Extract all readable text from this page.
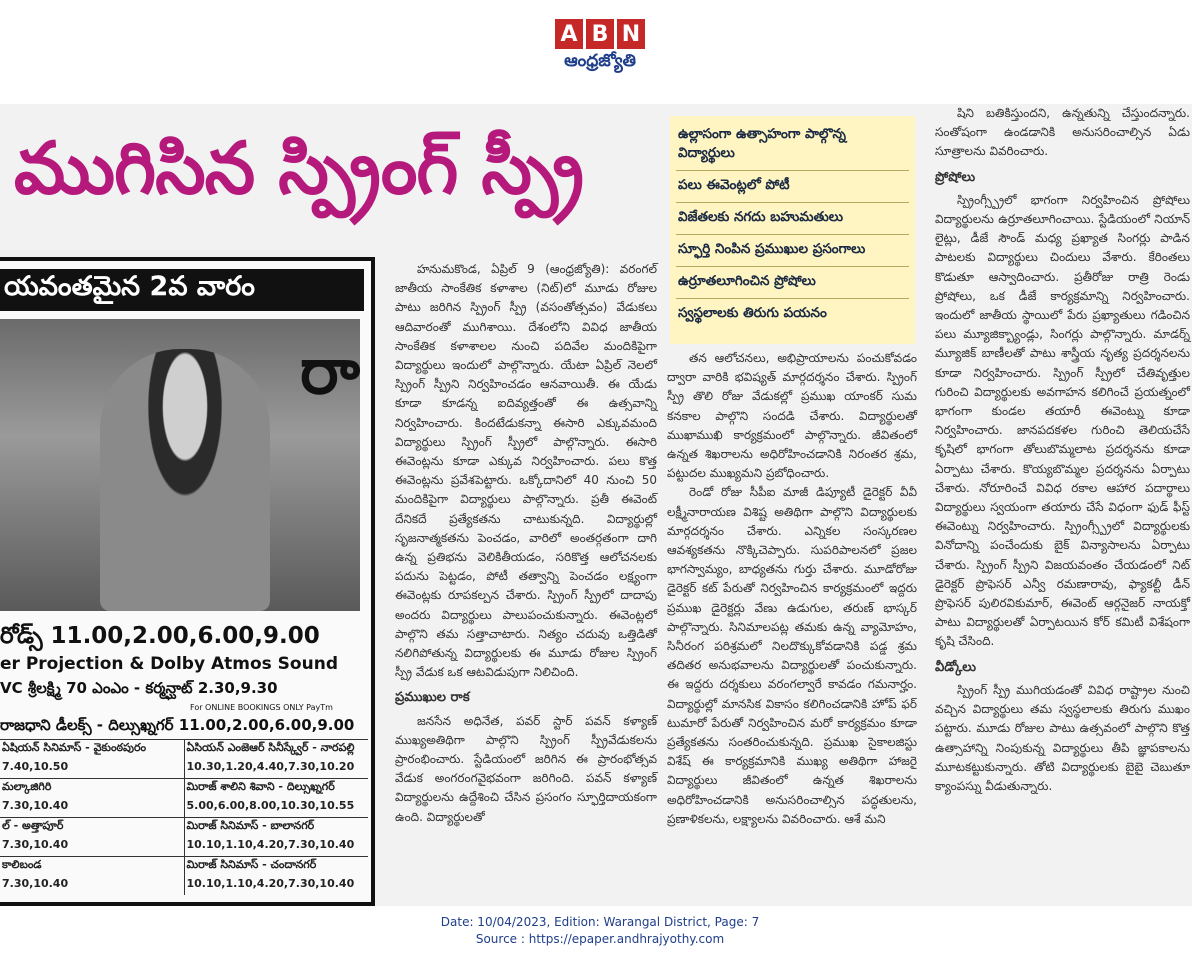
A B N
ఆంధ్రజ్యోతి
ముగిసిన స్ప్రింగ్ స్ప్రీ
యవంతమైన 2వ వారం
రా
రోడ్స్ 11.00,2.00,6.00,9.00
er Projection & Dolby Atmos Sound
VC శ్రీలక్ష్మి 70 ఎంఎం - కర్మన్ఘాట్ 2.30,9.30
For ONLINE BOOKINGS ONLY PayTm
రాజధాని డీలక్స్ - దిల్సుఖ్నగర్ 11.00,2.00,6.00,9.00
ఏషియన్ సినిమాస్ - వైకుంఠపురం
7.40,10.50
ఏసియన్ ఎంజెఆర్ సినీస్క్వేర్ - నారపల్లి
10.30,1.20,4.40,7.30,10.20
మల్కాజిగిరి
7.30,10.40
మిరాజ్ శాలిని శివాని - దిల్సుఖ్నగర్
5.00,6.00,8.00,10.30,10.55
ల్ - అత్తాపూర్
7.30,10.40
మిరాజ్ సినిమాస్ - బాలానగర్
10.10,1.10,4.20,7.30,10.40
కాలిబండ
7.30,10.40
మిరాజ్ సినిమాస్ - చందానగర్
10.10,1.10,4.20,7.30,10.40

హనుమకొండ, ఏప్రిల్ 9 (ఆంధ్రజ్యోతి): వరంగల్ జాతీయ సాంకేతిక కళాశాల (నిట్)లో మూడు రోజుల పాటు జరిగిన స్ప్రింగ్ స్ప్రీ (వసంతోత్సవం) వేడుకలు ఆదివారంతో ముగిశాయి. దేశంలోని వివిధ జాతీయ సాంకేతిక కళాశాలల నుంచి పదివేల మందికిపైగా విద్యార్థులు ఇందులో పాల్గొన్నారు. యేటా ఏప్రిల్ నెలలో స్ప్రింగ్ స్ప్రీని నిర్వహించడం ఆనవాయితీ. ఈ యేడు కూడా కూడన్న ఐదివ్యత్తంతో ఈ ఉత్సవాన్ని నిర్వహించారు. కిందటేడుకన్నా ఈసారి ఎక్కువమంది విద్యార్థులు స్ప్రింగ్ స్ప్రీలో పాల్గొన్నారు. ఈసారి ఈవెంట్లను కూడా ఎక్కువ నిర్వహించారు. పలు కొత్త ఈవెంట్లను ప్రవేశపెట్టారు. ఒక్కోదానిలో 40 నుంచి 50 మందికిపైగా విద్యార్థులు పాల్గొన్నారు. ప్రతీ ఈవెంట్ దేనికదే ప్రత్యేకతను చాటుకున్నది. విద్యార్థుల్లో సృజనాత్మకతను పెంచడం, వారిలో అంతర్గతంగా దాగి ఉన్న ప్రతిభను వెలికితీయడం, సరికొత్త ఆలోచనలకు పదును పెట్టడం, పోటీ తత్వాన్ని పెంచడం లక్ష్యంగా ఈవెంట్లకు రూపకల్పన చేశారు. స్ప్రింగ్ స్ప్రీలో దాదాపు అందరు విద్యార్థులు పాలుపంచుకున్నారు. ఈవెంట్లలో పాల్గొని తమ సత్తాచాటారు. నిత్యం చదువు ఒత్తిడితో నలిగిపోతున్న విద్యార్థులకు ఈ మూడు రోజుల స్ప్రింగ్ స్ప్రీ వేడుక ఒక ఆటవిడుపుగా నిలిచింది.

ప్రముఖుల రాక

జనసేన అధినేత, పవర్ స్టార్ పవన్ కళ్యాణ్ ముఖ్యఅతిథిగా పాల్గొని స్ప్రింగ్ స్ప్రీవేడుకలను ప్రారంభించారు. స్టేడియంలో జరిగిన ఈ ప్రారంభోత్సవ వేడుక అంగరంగవైభవంగా జరిగింది. పవన్ కళ్యాణ్ విద్యార్థులను ఉద్దేశించి చేసిన ప్రసంగం స్ఫూర్తిదాయకంగా ఉంది. విద్యార్థులతో

ఉల్లాసంగా ఉత్సాహంగా పాల్గొన్న విద్యార్థులు
పలు ఈవెంట్లలో పోటీ
విజేతలకు నగదు బహుమతులు
స్ఫూర్తి నింపిన ప్రముఖుల ప్రసంగాలు
ఉర్రూతలూగించిన ప్రోషోలు
స్వస్థలాలకు తిరుగు పయనం

తన ఆలోచనలు, అభిప్రాయాలను పంచుకోవడం ద్వారా వారికి భవిష్యత్ మార్గదర్శనం చేశారు. స్ప్రింగ్ స్ప్రీ తొలి రోజు వేడుకల్లో ప్రముఖ యాంకర్ సుమ కనకాల పాల్గొని సందడి చేశారు. విద్యార్థులతో ముఖాముఖి కార్యక్రమంలో పాల్గొన్నారు. జీవితంలో ఉన్నత శిఖరాలను అధిరోహించడానికి నిరంతర శ్రమ, పట్టుదల ముఖ్యమని ప్రబోధించారు.

రెండో రోజు సీపీఐ మాజీ డిప్యూటీ డైరెక్టర్ వీవీ లక్ష్మీనారాయణ విశిష్ట అతిథిగా పాల్గొని విద్యార్థులకు మార్గదర్శనం చేశారు. ఎన్నికల సంస్కరణల ఆవశ్యకతను నొక్కిచెప్పారు. సుపరిపాలనలో ప్రజల భాగస్వామ్యం, బాధ్యతను గుర్తు చేశారు. మూడోరోజు డైరెక్టర్ కట్ పేరుతో నిర్వహించిన కార్యక్రమంలో ఇద్దరు ప్రముఖ డైరెక్టర్లు వేణు ఉడుగుల, తరుణ్ భాస్కర్ పాల్గొన్నారు. సినిమాలపట్ల తమకు ఉన్న వ్యామోహం, సినీరంగ పరిశ్రమలో నిలదొక్కుకోవడానికి పడ్డ శ్రమ తదితర అనుభవాలను విద్యార్థులతో పంచుకున్నారు. ఈ ఇద్దరు దర్శకులు వరంగల్వారే కావడం గమనార్హం. విద్యార్థుల్లో మానసిక వికాసం కలిగించడానికి హోప్ ఫర్ టుమారో పేరుతో నిర్వహించిన మరో కార్యక్రమం కూడా ప్రత్యేకతను సంతరించుకున్నది. ప్రముఖ సైకాలజిస్టు విశేష్ ఈ కార్యక్రమానికి ముఖ్య అతిథిగా హాజరై విద్యార్థులు జీవితంలో ఉన్నత శిఖరాలను అధిరోహించడానికి అనుసరించాల్సిన పద్ధతులను, ప్రణాళికలను, లక్ష్యాలను వివరించారు. ఆశే మని

షిని బతికిస్తుందని, ఉన్నతున్ని చేస్తుందన్నారు. సంతోషంగా ఉండడానికి అనుసరించాల్సిన ఏడు సూత్రాలను వివరించారు.

ప్రోషోలు

స్ప్రింగ్స్ప్రీలో భాగంగా నిర్వహించిన ప్రోషోలు విద్యార్థులను ఉర్రూతలూగించాయి. స్టేడియంలో నియాన్ లైట్లు, డీజే సౌండ్ మధ్య ప్రఖ్యాత సింగర్లు పాడిన పాటలకు విద్యార్థులు చిందులు వేశారు. కేరింతలు కొడుతూ ఆస్వాదించారు. ప్రతీరోజు రాత్రి రెండు ప్రోషోలు, ఒక డీజే కార్యక్రమాన్ని నిర్వహించారు. ఇందులో జాతీయ స్థాయిలో పేరు ప్రఖ్యాతులు గడించిన పలు మ్యూజిక్బ్యాండ్లు, సింగర్లు పాల్గొన్నారు. మాడర్న్ మ్యూజిక్ బాణీలతో పాటు శాస్త్రీయ నృత్య ప్రదర్శనలను కూడా నిర్వహించారు. స్ప్రింగ్ స్ప్రీలో చేతివృత్తుల గురించి విద్యార్థులకు అవగాహన కలిగించే ప్రయత్నంలో భాగంగా కుండల తయారీ ఈవెంట్ను కూడా నిర్వహించారు. జానపదకళల గురించి తెలియచేసే కృషిలో భాగంగా తోలుబొమ్మలాట ప్రదర్శనను కూడా ఏర్పాటు చేశారు. కొయ్యబొమ్మల ప్రదర్శనను ఏర్పాటు చేశారు. నోరూరించే వివిధ రకాల ఆహార పదార్థాలు విద్యార్థులు స్వయంగా తయారు చేసే విధంగా ఫుడ్ ఫీస్ట్ ఈవెంట్ను నిర్వహించారు. స్ప్రింగ్స్ప్రీలో విద్యార్థులకు వినోదాన్ని పంచేందుకు బైక్ విన్యాసాలను ఏర్పాటు చేశారు. స్ప్రింగ్ స్ప్రీని విజయవంతం చేయడంలో నిట్ డైరెక్టర్ ప్రొఫెసర్ ఎన్వీ రమణారావు, ఫ్యాకల్టీ డీన్ ప్రొఫెసర్ పులిరవికుమార్, ఈవెంట్ ఆర్గనైజర్ నాయక్తో పాటు విద్యార్థులతో ఏర్పాటయిన కోర్ కమిటీ విశేషంగా కృషి చేసింది.

వీడ్కోలు

స్ప్రింగ్ స్ప్రీ ముగియడంతో వివిధ రాష్ట్రాల నుంచి వచ్చిన విద్యార్థులు తమ స్వస్థలాలకు తిరుగు ముఖం పట్టారు. మూడు రోజుల పాటు ఉత్సవంలో పాల్గొని కొత్త ఉత్సాహాన్ని నింపుకున్న విద్యార్థులు తీపి జ్ఞాపకాలను మూటకట్టుకున్నారు. తోటి విద్యార్థులకు బైబై చెబుతూ క్యాంపస్ను వీడుతున్నారు.

Date: 10/04/2023, Edition: Warangal District, Page: 7
Source : https://epaper.andhrajyothy.com
